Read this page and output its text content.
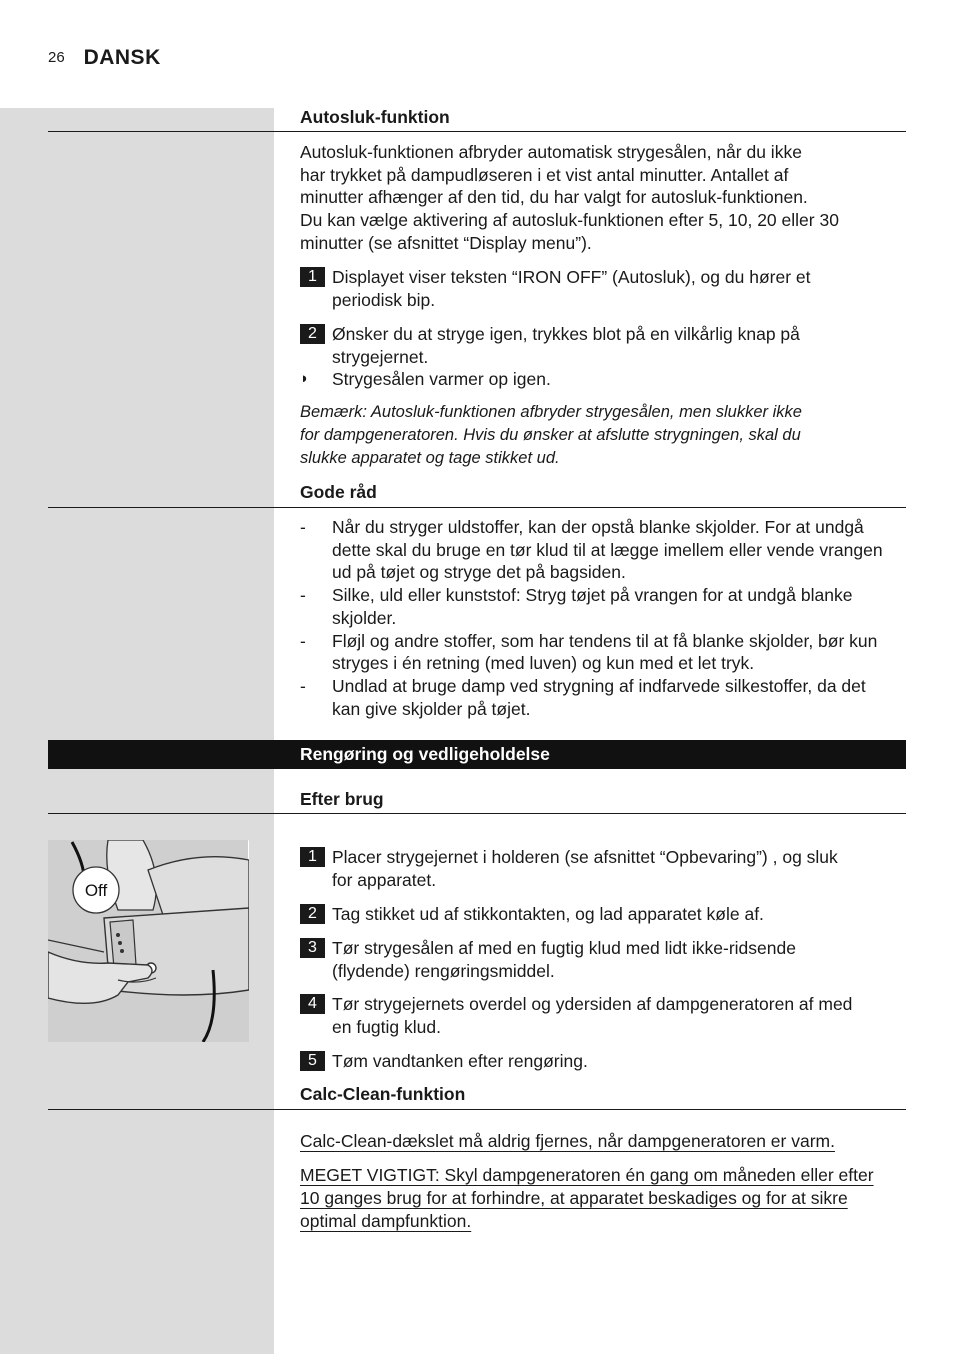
26 DANSK
Autosluk-funktion

Autosluk-funktionen afbryder automatisk strygesålen, når du ikke

har trykket på dampudløseren i et vist antal minutter. Antallet af

minutter afhænger af den tid, du har valgt for autosluk-funktionen.

Du kan vælge aktivering af autosluk-funktionen efter 5, 10, 20 eller 30

minutter (se afsnittet “Display menu”).

1 Displayet viser teksten “IRON OFF” (Autosluk), og du hører et
periodisk bip.
2 Ønsker du at stryge igen, trykkes blot på en vilkårlig knap på
strygejernet.
◗ Strygesålen varmer op igen.
Bemærk: Autosluk-funktionen afbryder strygesålen, men slukker ikke
for dampgeneratoren. Hvis du ønsker at afslutte strygningen, skal du
slukke apparatet og tage stikket ud.
Gode råd
- Når du stryger uldstoffer, kan der opstå blanke skjolder. For at undgå
dette skal du bruge en tør klud til at lægge imellem eller vende vrangen
ud på tøjet og stryge det på bagsiden.
- Silke, uld eller kunststof: Stryg tøjet på vrangen for at undgå blanke
skjolder.
- Fløjl og andre stoffer, som har tendens til at få blanke skjolder, bør kun
stryges i én retning (med luven) og kun med et let tryk.
- Undlad at bruge damp ved strygning af indfarvede silkestoffer, da det
kan give skjolder på tøjet.
Rengøring og vedligeholdelse
Efter brug
Off
1 Placer strygejernet i holderen (se afsnittet “Opbevaring”) , og sluk
for apparatet.
2 Tag stikket ud af stikkontakten, og lad apparatet køle af.
3 Tør strygesålen af med en fugtig klud med lidt ikke-ridsende
(flydende) rengøringsmiddel.
4 Tør strygejernets overdel og ydersiden af dampgeneratoren af med
en fugtig klud.
5 Tøm vandtanken efter rengøring.
Calc-Clean-funktion
Calc-Clean-dækslet må aldrig fjernes, når dampgeneratoren er varm.
MEGET VIGTIGT: Skyl dampgeneratoren én gang om måneden eller efter
10 ganges brug for at forhindre, at apparatet beskadiges og for at sikre
optimal dampfunktion.
